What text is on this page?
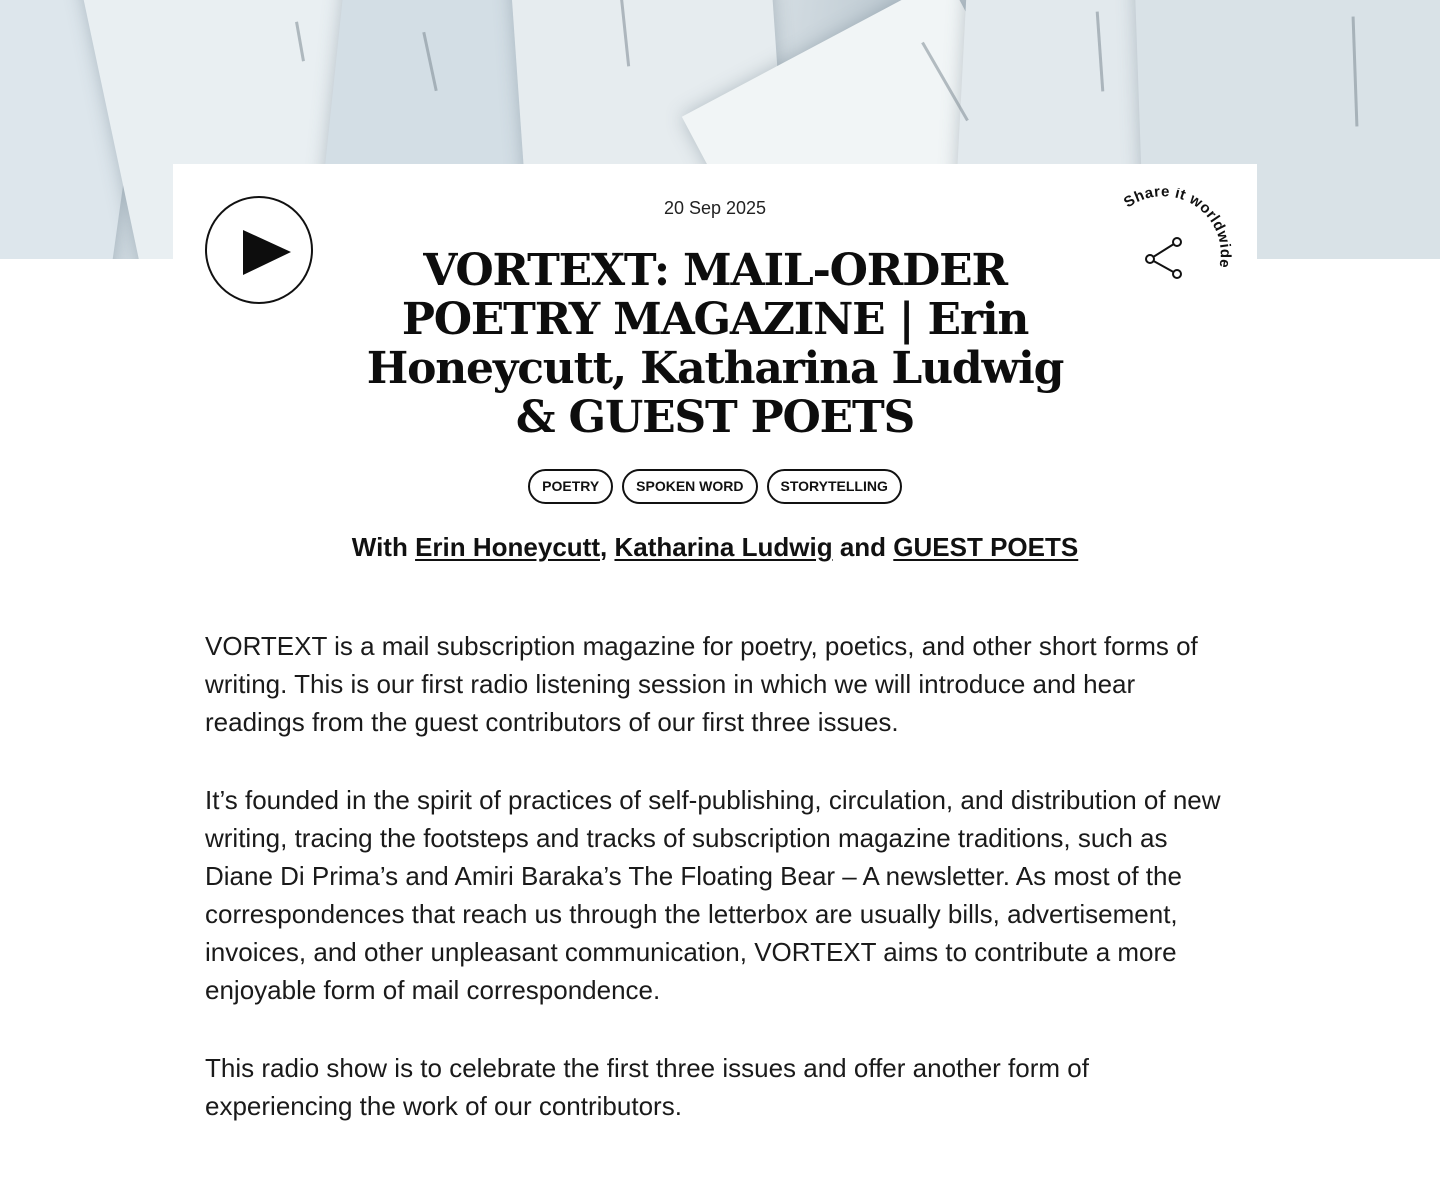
Share it worldwide
20 Sep 2025
VORTEXT: MAIL-ORDER POETRY MAGAZINE | Erin Honeycutt, Katharina Ludwig & GUEST POETS
POETRY	SPOKEN WORD	STORYTELLING
With Erin Honeycutt, Katharina Ludwig and GUEST POETS

VORTEXT is a mail subscription magazine for poetry, poetics, and other short forms of writing. This is our first radio listening session in which we will introduce and hear readings from the guest contributors of our first three issues.

It’s founded in the spirit of practices of self-publishing, circulation, and distribution of new writing, tracing the footsteps and tracks of subscription magazine traditions, such as Diane Di Prima’s and Amiri Baraka’s The Floating Bear – A newsletter. As most of the correspondences that reach us through the letterbox are usually bills, advertisement, invoices, and other unpleasant communication, VORTEXT aims to contribute a more enjoyable form of mail correspondence.

This radio show is to celebrate the first three issues and offer another form of experiencing the work of our contributors.
